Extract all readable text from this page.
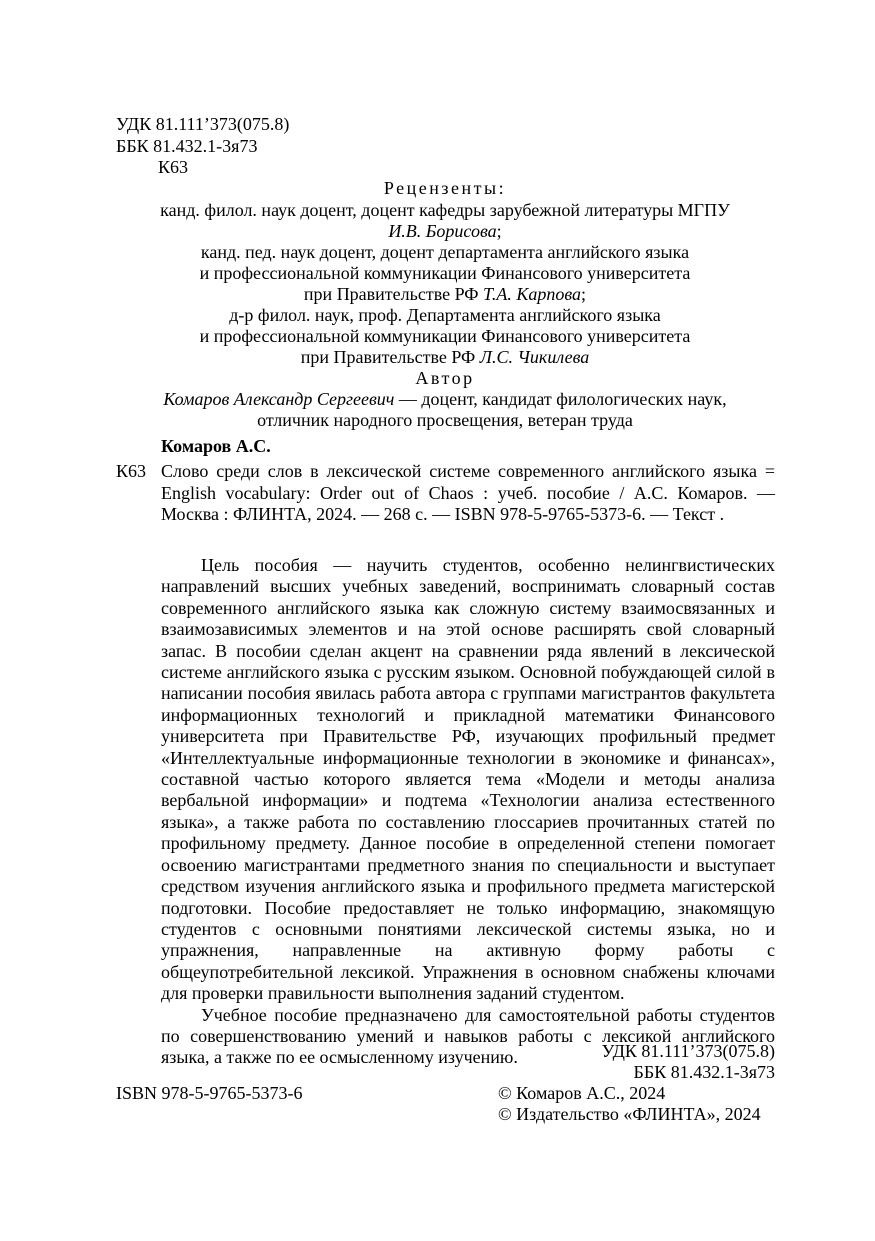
УДК 81.111’373(075.8)
ББК 81.432.1-3я73
К63
Рецензенты:
канд. филол. наук доцент, доцент кафедры зарубежной литературы МГПУ
И.В. Борисова;
канд. пед. наук доцент, доцент департамента английского языка
и профессиональной коммуникации Финансового университета
при Правительстве РФ Т.А. Карпова;
д-р филол. наук, проф. Департамента английского языка
и профессиональной коммуникации Финансового университета
при Правительстве РФ Л.С. Чикилева
Автор
Комаров Александр Сергеевич — доцент, кандидат филологических наук,
отличник народного просвещения, ветеран труда
Комаров А.С.
К63 Слово среди слов в лексической системе современного английского языка = English vocabulary: Order out of Chaos : учеб. пособие / А.С. Комаров. — Москва : ФЛИНТА, 2024. — 268 с. — ISBN 978-5-9765-5373-6. — Текст .

Цель пособия — научить студентов, особенно нелингвистических направлений высших учебных заведений, воспринимать словарный состав современного английского языка как сложную систему взаимосвязанных и взаимозависимых элементов и на этой основе расширять свой словарный запас. В пособии сделан акцент на сравнении ряда явлений в лексической системе английского языка с русским языком. Основной побуждающей силой в написании пособия явилась работа автора с группами магистрантов факультета информационных технологий и прикладной математики Финансового университета при Правительстве РФ, изучающих профильный предмет «Интеллектуальные информационные технологии в экономике и финансах», составной частью которого является тема «Модели и методы анализа вербальной информации» и подтема «Технологии анализа естественного языка», а также работа по составлению глоссариев прочитанных статей по профильному предмету. Данное пособие в определенной степени помогает освоению магистрантами предметного знания по специальности и выступает средством изучения английского языка и профильного предмета магистерской подготовки. Пособие предоставляет не только информацию, знакомящую студентов с основными понятиями лексической системы языка, но и упражнения, направленные на активную форму работы с общеупотребительной лексикой. Упражнения в основном снабжены ключами для проверки правильности выполнения заданий студентом.

Учебное пособие предназначено для самостоятельной работы студентов по совершенствованию умений и навыков работы с лексикой английского языка, а также по ее осмысленному изучению.	УДК 81.111’373(075.8)
ББК 81.432.1-3я73
ISBN 978-5-9765-5373-6	© Комаров А.С., 2024
© Издательство «ФЛИНТА», 2024
